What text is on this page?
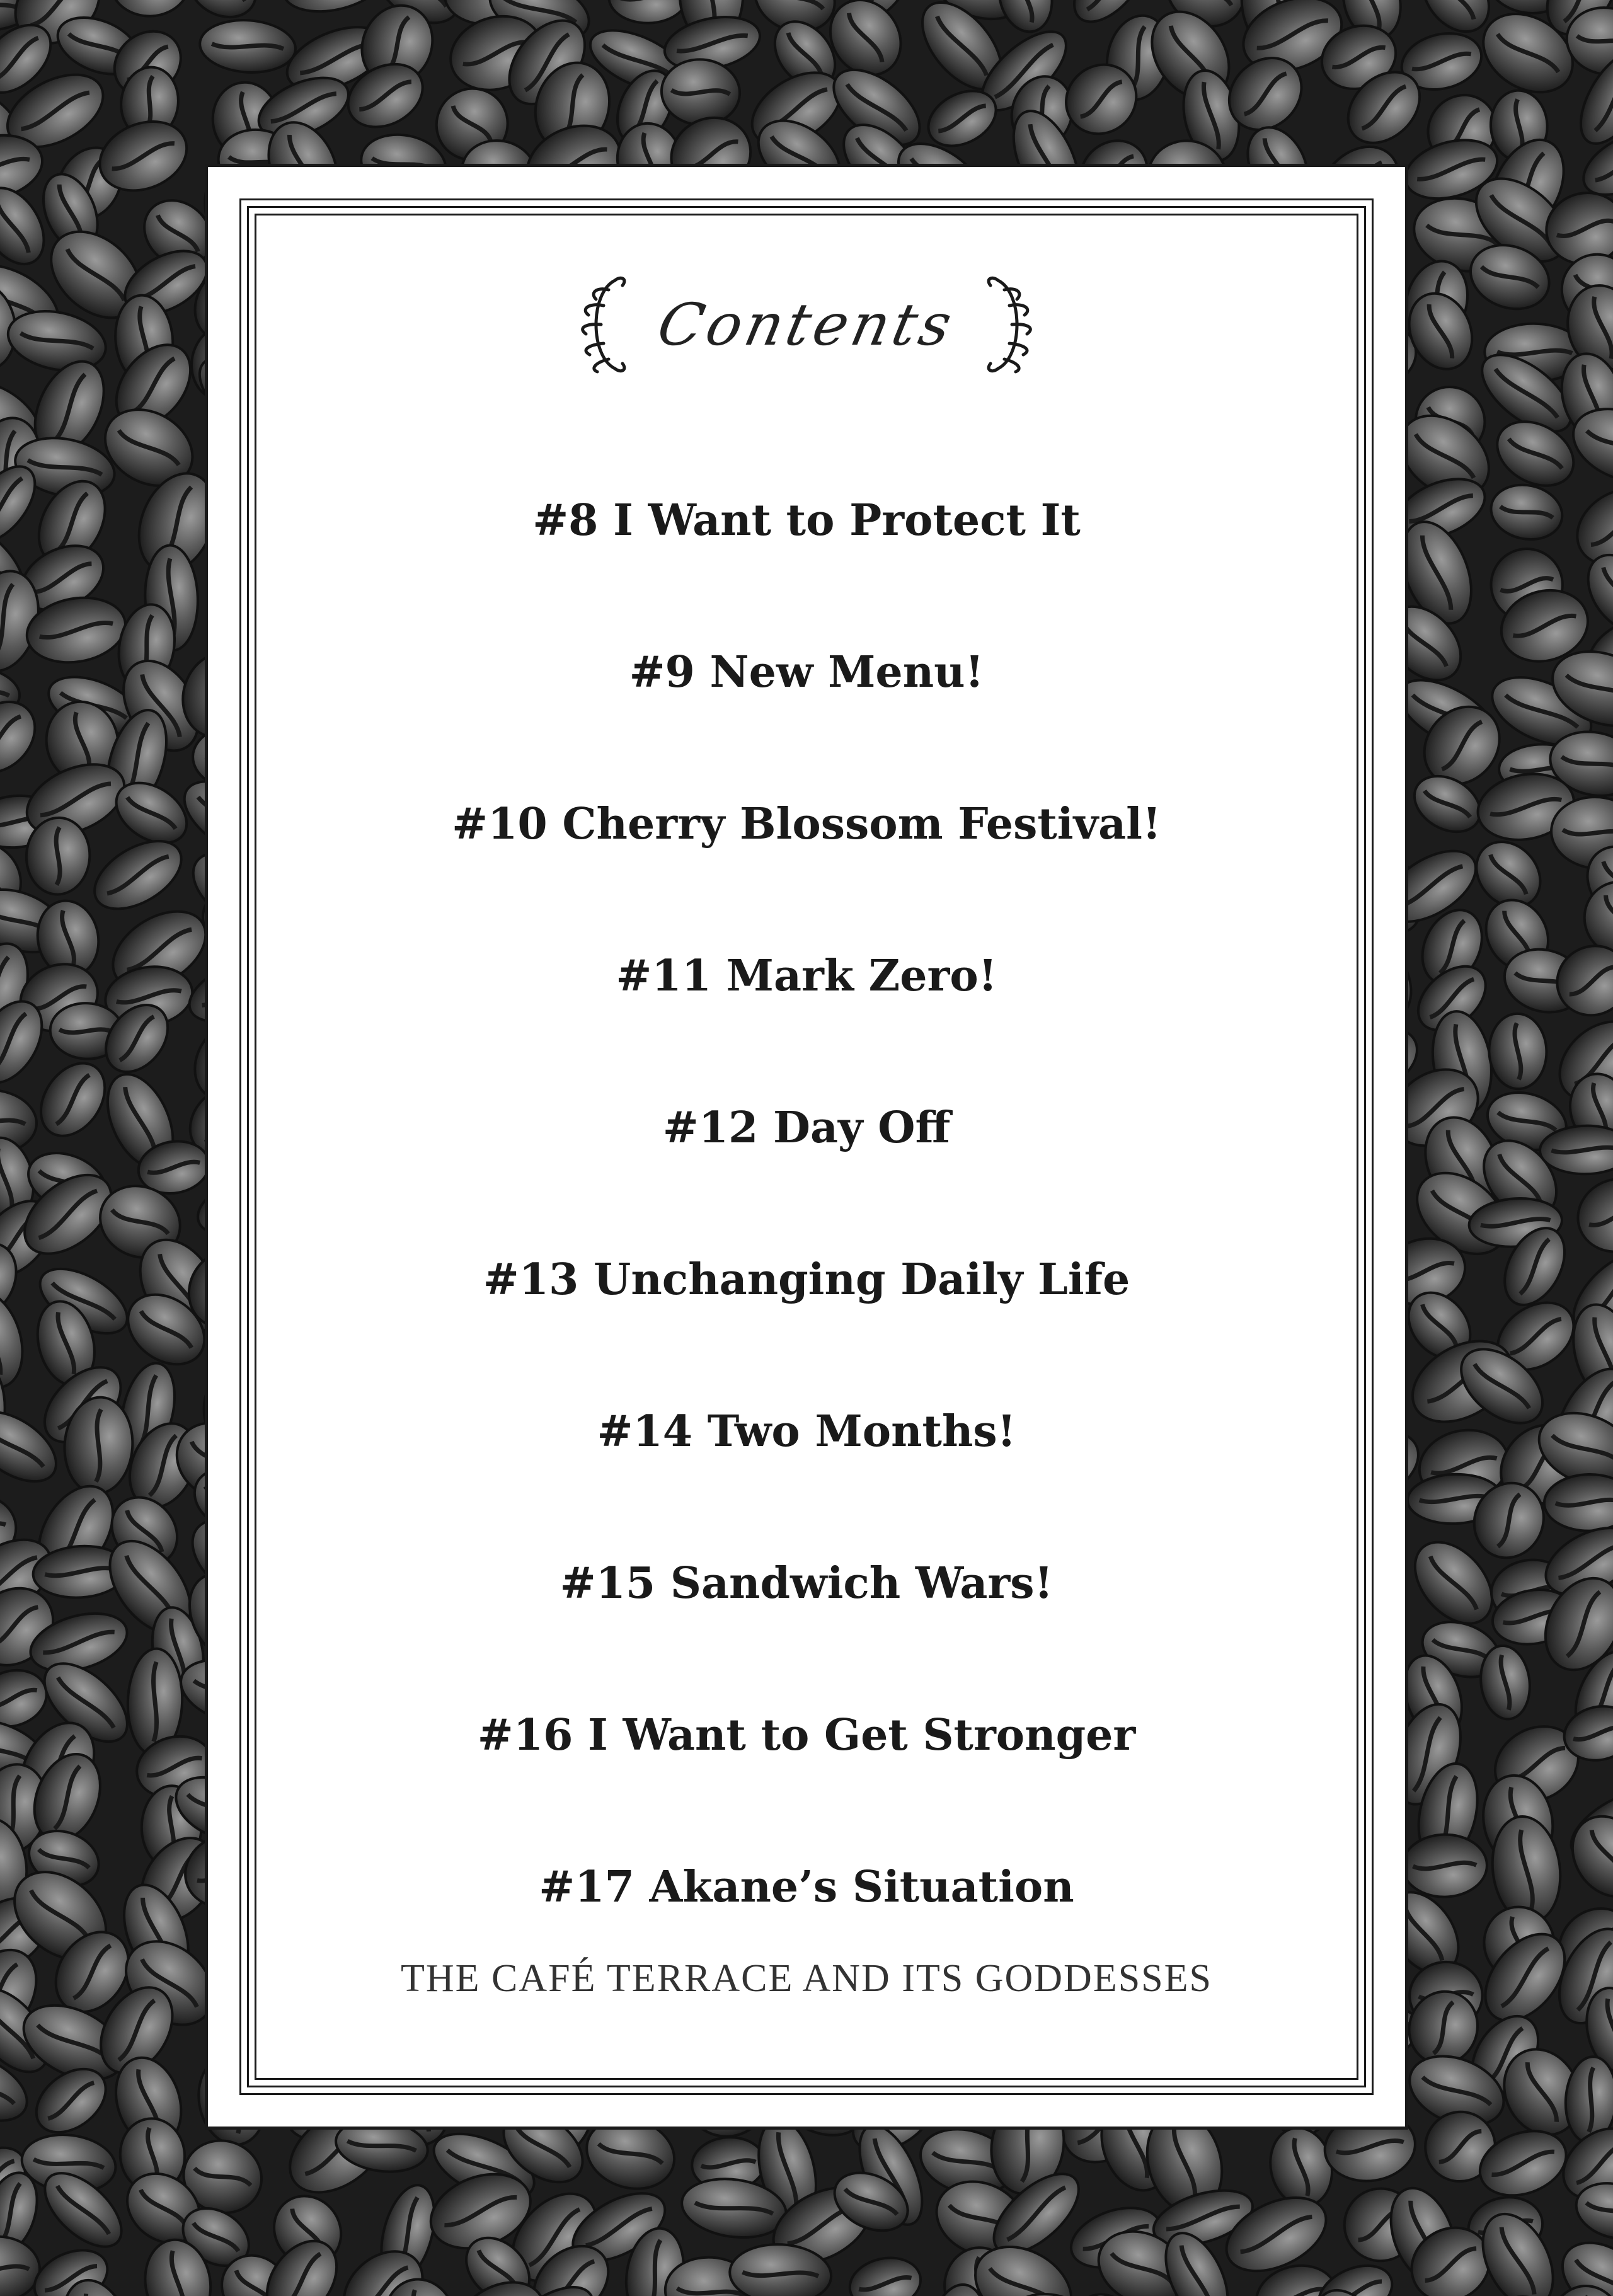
Contents
#8 I Want to Protect It
#9 New Menu!
#10 Cherry Blossom Festival!
#11 Mark Zero!
#12 Day Off
#13 Unchanging Daily Life
#14 Two Months!
#15 Sandwich Wars!
#16 I Want to Get Stronger
#17 Akane’s Situation
THE CAFÉ TERRACE AND ITS GODDESSES
